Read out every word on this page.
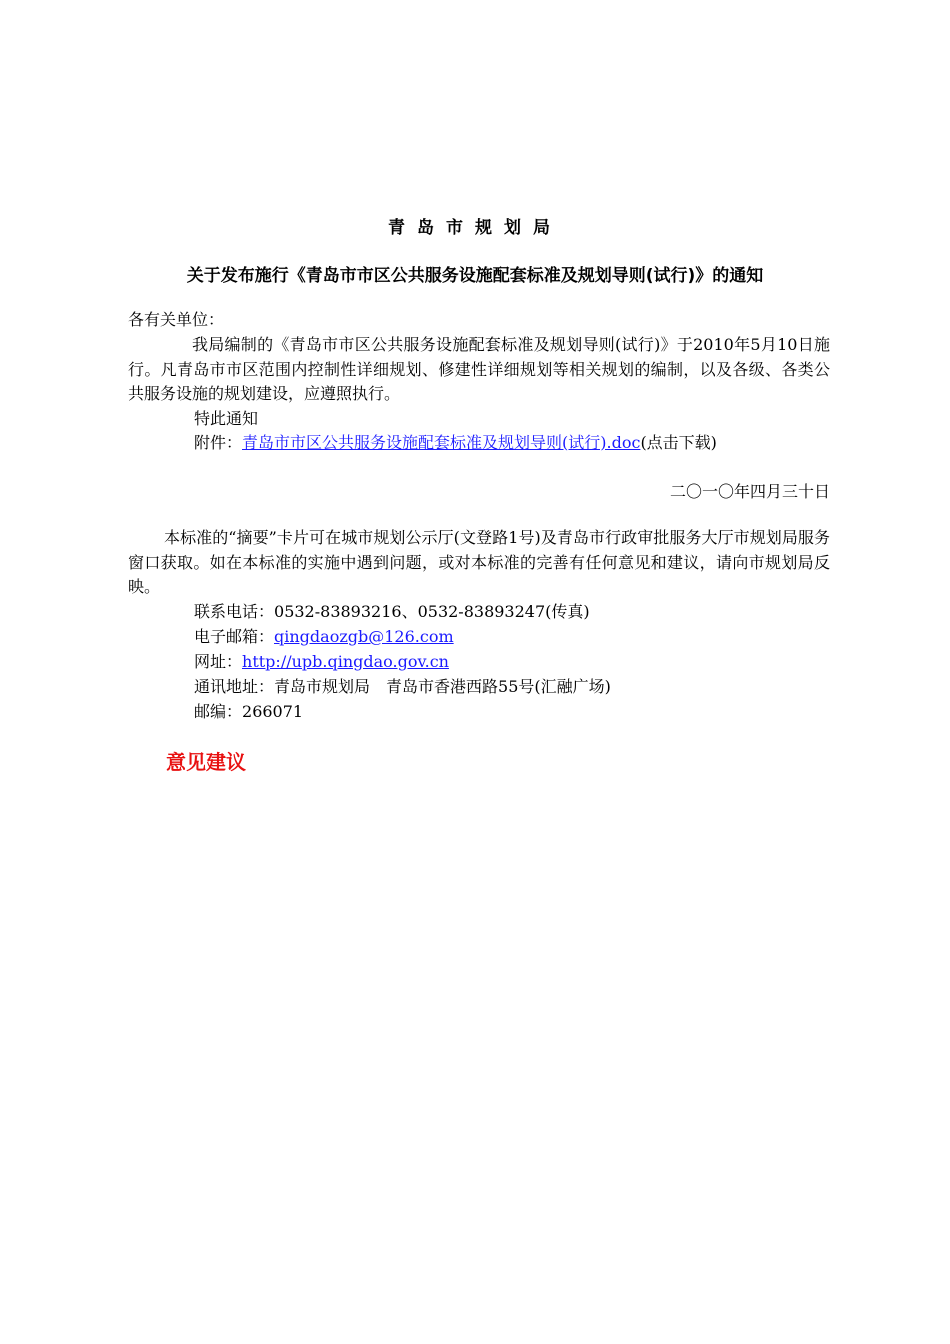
青岛市规划局
关于发布施行《青岛市市区公共服务设施配套标准及规划导则(试行)》的通知
各有关单位：
我局编制的《青岛市市区公共服务设施配套标准及规划导则(试行)》于2010年5月10日施行。凡青岛市市区范围内控制性详细规划、修建性详细规划等相关规划的编制，以及各级、各类公共服务设施的规划建设，应遵照执行。
特此通知
附件：青岛市市区公共服务设施配套标准及规划导则(试行).doc(点击下载)
二〇一〇年四月三十日
本标准的“摘要”卡片可在城市规划公示厅(文登路1号)及青岛市行政审批服务大厅市规划局服务窗口获取。如在本标准的实施中遇到问题，或对本标准的完善有任何意见和建议，请向市规划局反映。
联系电话：0532-83893216、0532-83893247(传真)
电子邮箱：qingdaozgb@126.com
网址：http://upb.qingdao.gov.cn
通讯地址：青岛市规划局　青岛市香港西路55号(汇融广场)
邮编：266071
意见建议
